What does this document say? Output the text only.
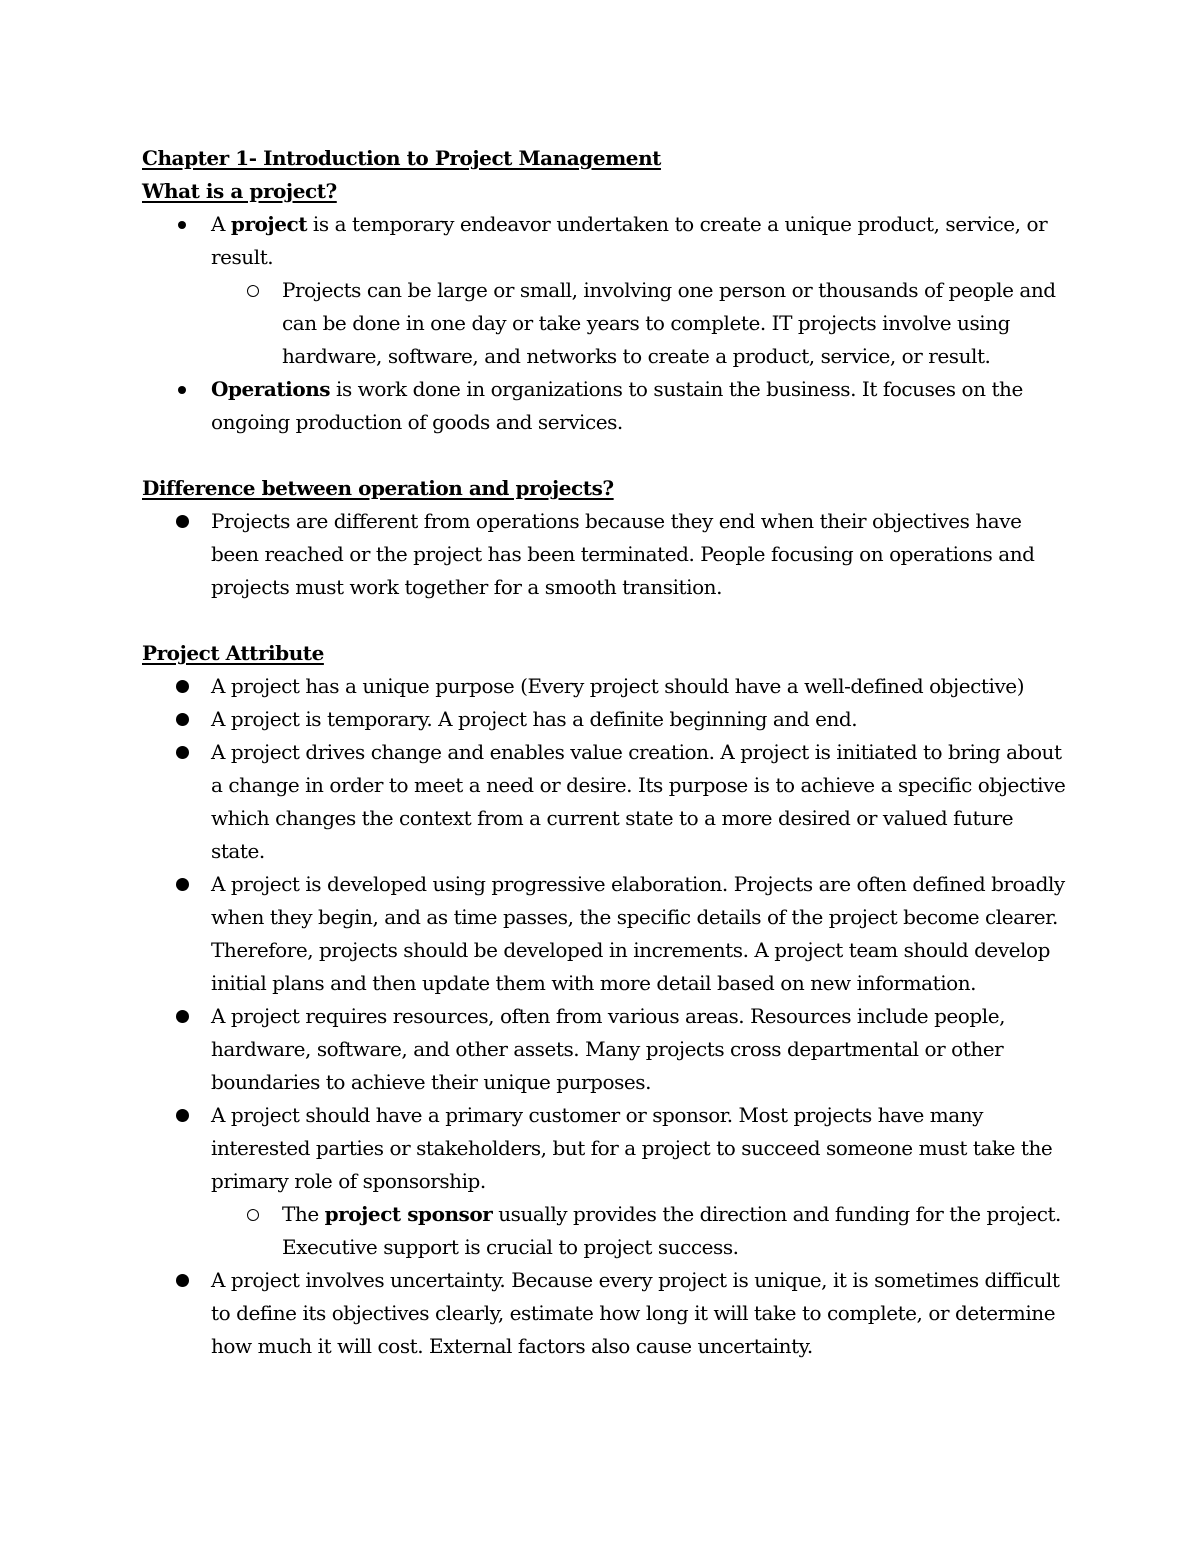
Chapter 1- Introduction to Project Management
What is a project?
A project is a temporary endeavor undertaken to create a unique product, service, or result.
Projects can be large or small, involving one person or thousands of people and can be done in one day or take years to complete. IT projects involve using hardware, software, and networks to create a product, service, or result.
Operations is work done in organizations to sustain the business. It focuses on the ongoing production of goods and services.
Difference between operation and projects?
Projects are different from operations because they end when their objectives have been reached or the project has been terminated. People focusing on operations and projects must work together for a smooth transition.
Project Attribute
A project has a unique purpose (Every project should have a well-defined objective)
A project is temporary. A project has a definite beginning and end.
A project drives change and enables value creation. A project is initiated to bring about a change in order to meet a need or desire. Its purpose is to achieve a specific objective which changes the context from a current state to a more desired or valued future state.
A project is developed using progressive elaboration. Projects are often defined broadly when they begin, and as time passes, the specific details of the project become clearer. Therefore, projects should be developed in increments. A project team should develop initial plans and then update them with more detail based on new information.
A project requires resources, often from various areas. Resources include people, hardware, software, and other assets. Many projects cross departmental or other boundaries to achieve their unique purposes.
A project should have a primary customer or sponsor. Most projects have many interested parties or stakeholders, but for a project to succeed someone must take the primary role of sponsorship.
The project sponsor usually provides the direction and funding for the project. Executive support is crucial to project success.
A project involves uncertainty. Because every project is unique, it is sometimes difficult to define its objectives clearly, estimate how long it will take to complete, or determine how much it will cost. External factors also cause uncertainty.
